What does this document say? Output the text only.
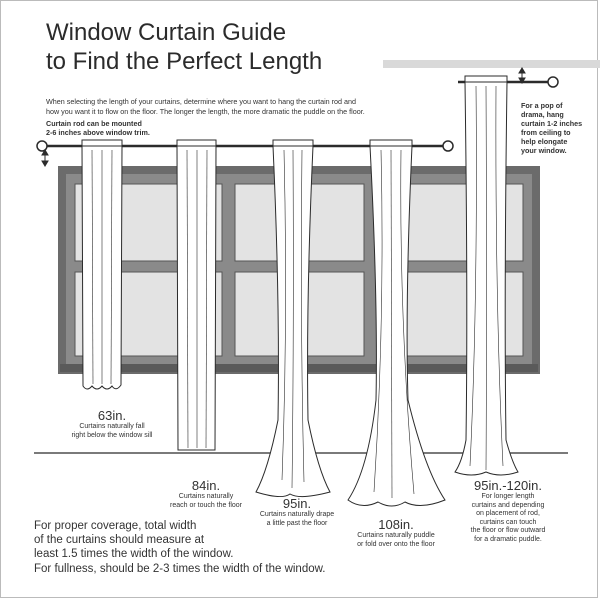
Window Curtain Guide
to Find the Perfect Length
When selecting the length of your curtains, determine where you want to hang the curtain rod and
how you want it to flow on the floor. The longer the length, the more dramatic the puddle on the floor.
Curtain rod can be mounted
2-6 inches above window trim.
For a pop of
drama, hang
curtain 1-2 inches
from ceiling to
help elongate
your window.
63in.
Curtains naturally fall
right below the window sill
84in.
Curtains naturally
reach or touch the floor	95in.
Curtains naturally drape
a little past the floor	108in.
Curtains naturally puddle
or fold over onto the floor
95in.-120in.
For longer length
curtains and depending
on placement of rod,
curtains can touch
the floor or flow outward
for a dramatic puddle.
For proper coverage, total width
of the curtains should measure at
least 1.5 times the width of the window.
For fullness, should be 2-3 times the width of the window.
